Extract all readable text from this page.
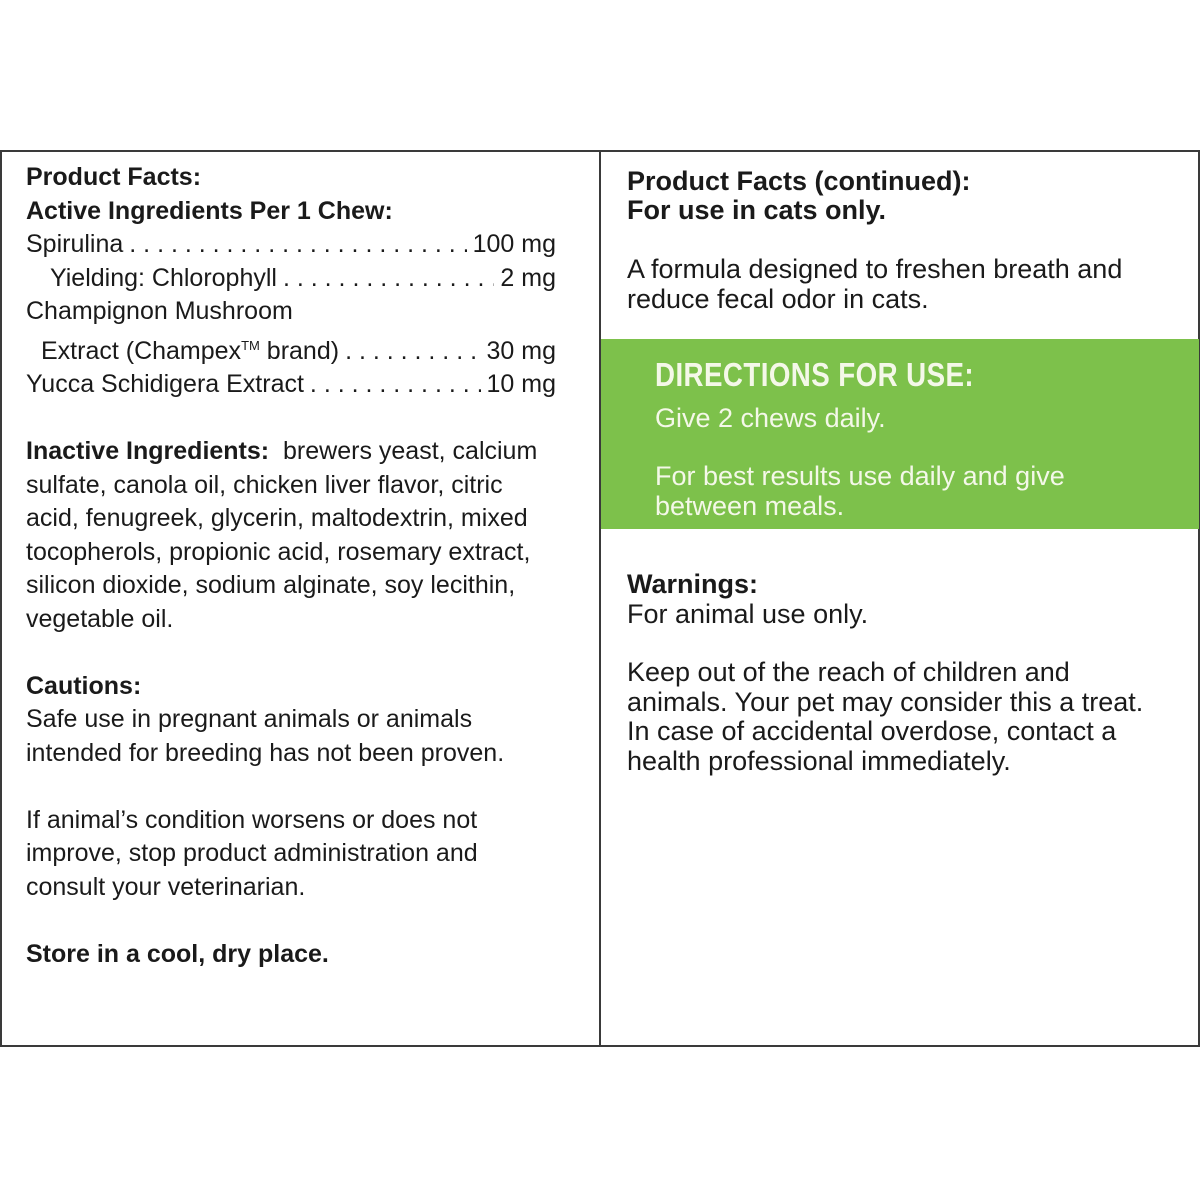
Product Facts:
Active Ingredients Per 1 Chew:
Spirulina . . .	100 mg
Yielding: Chlorophyll . . .	2 mg
Champignon Mushroom
Extract (Champex™ brand) . . .	30 mg
Yucca Schidigera Extract . . .	10 mg
Inactive Ingredients: brewers yeast, calcium sulfate, canola oil, chicken liver flavor, citric acid, fenugreek, glycerin, maltodextrin, mixed tocopherols, propionic acid, rosemary extract, silicon dioxide, sodium alginate, soy lecithin, vegetable oil.
Cautions:
Safe use in pregnant animals or animals intended for breeding has not been proven.
If animal’s condition worsens or does not improve, stop product administration and consult your veterinarian.
Store in a cool, dry place.
Product Facts (continued):
For use in cats only.
A formula designed to freshen breath and reduce fecal odor in cats.
DIRECTIONS FOR USE:
Give 2 chews daily.
For best results use daily and give between meals.
Warnings:
For animal use only.
Keep out of the reach of children and animals. Your pet may consider this a treat. In case of accidental overdose, contact a health professional immediately.
